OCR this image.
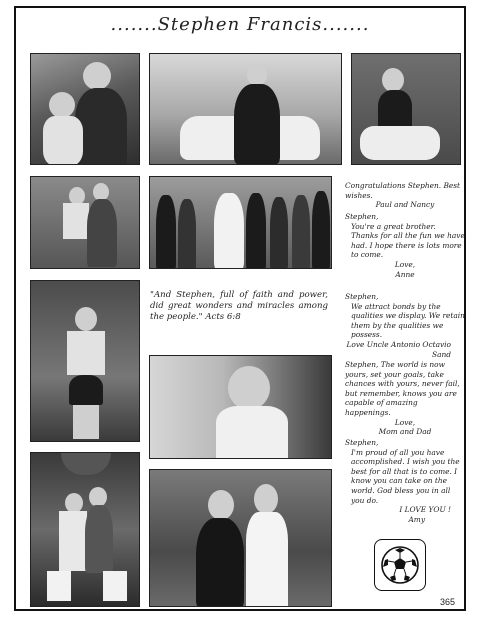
.......Stephen Francis.......
"And Stephen, full of faith and power, did great wonders and miracles among the people." Acts 6:8
Congratulations Stephen. Best wishes.
Paul and Nancy
Stephen,
You're a great brother. Thanks for all the fun we have had. I hope there is lots more to come.
Love,
Anne
Stephen,
We attract bonds by the qualities we display. We retain them by the qualities we possess.
Love Uncle Antonio Octavio Sand
Stephen, The world is now yours, set your goals, take chances with yours, never fail, but remember, knows you are capable of amazing happenings.
Love,
Mom and Dad
Stephen,
I'm proud of all you have accomplished. I wish you the best for all that is to come. I know you can take on the world. God bless you in all you do.
I LOVE YOU !
Amy
365
